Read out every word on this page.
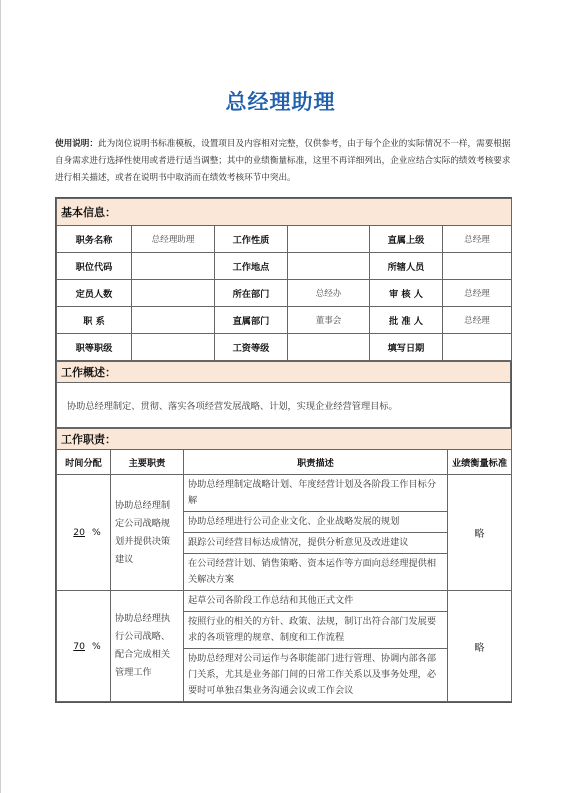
总经理助理
使用说明：此为岗位说明书标准模板，设置项目及内容相对完整，仅供参考，由于每个企业的实际情况不一样，需要根据自身需求进行选择性使用或者进行适当调整；其中的业绩衡量标准，这里不再详细列出，企业应结合实际的绩效考核要求进行相关描述，或者在说明书中取消而在绩效考核环节中突出。
基本信息：					
职务名称	总经理助理	工作性质		直属上级	总经理
职位代码		工作地点		所辖人员	
定员人数		所在部门	总经办	审 核 人	总经理
职 系		直属部门	董事会	批 准 人	总经理
职等职级		工资等级		填写日期	
工作概述：
协助总经理制定、贯彻、落实各项经营发展战略、计划，实现企业经营管理目标。
工作职责：			
时间分配	主要职责	职责描述	业绩衡量标准
20 %	协助总经理制定公司战略规划并提供决策建议	协助总经理制定战略计划、年度经营计划及各阶段工作目标分解	略
		协助总经理进行公司企业文化、企业战略发展的规划	
		跟踪公司经营目标达成情况，提供分析意见及改进建议	
		在公司经营计划、销售策略、资本运作等方面向总经理提供相关解决方案	
70 %	协助总经理执行公司战略、配合完成相关管理工作	起草公司各阶段工作总结和其他正式文件	略
		按照行业的相关的方针、政策、法规，制订出符合部门发展要求的各项管理的规章、制度和工作流程	
		协助总经理对公司运作与各职能部门进行管理、协调内部各部门关系，尤其是业务部门间的日常工作关系以及事务处理，必要时可单独召集业务沟通会议或工作会议	
